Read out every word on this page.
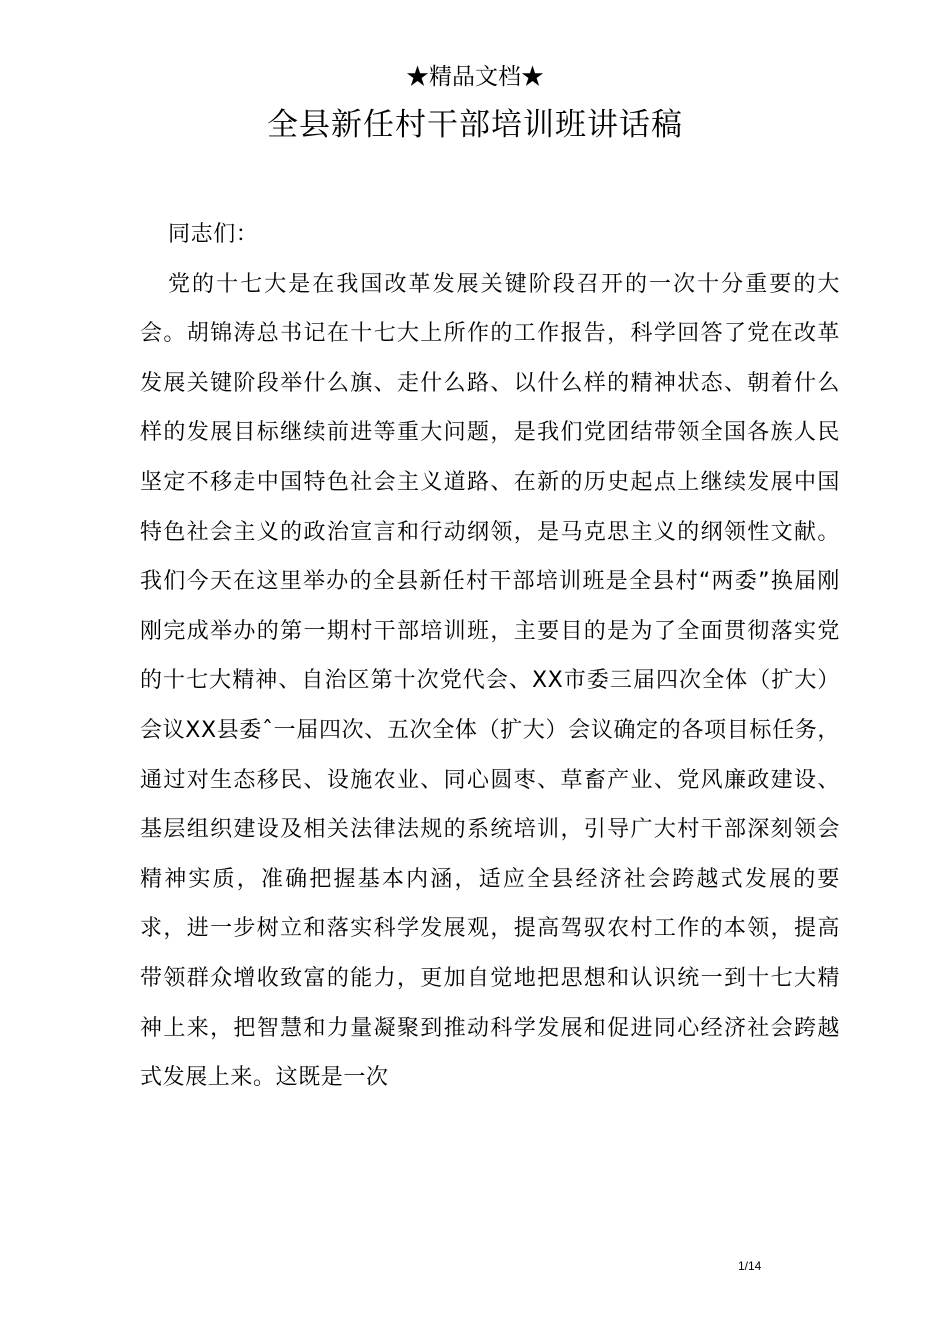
★精品文档★
全县新任村干部培训班讲话稿

同志们：

党的十七大是在我国改革发展关键阶段召开的一次十分重要的大会。胡锦涛总书记在十七大上所作的工作报告，科学回答了党在改革发展关键阶段举什么旗、走什么路、以什么样的精神状态、朝着什么样的发展目标继续前进等重大问题，是我们党团结带领全国各族人民坚定不移走中国特色社会主义道路、在新的历史起点上继续发展中国特色社会主义的政治宣言和行动纲领，是马克思主义的纲领性文献。我们今天在这里举办的全县新任村干部培训班是全县村“两委”换届刚刚完成举办的第一期村干部培训班，主要目的是为了全面贯彻落实党的十七大精神、自治区第十次党代会、XX市委三届四次全体（扩大）会议XX县委ˆ一届四次、五次全体（扩大）会议确定的各项目标任务，通过对生态移民、设施农业、同心圆枣、草畜产业、党风廉政建设、基层组织建设及相关法律法规的系统培训，引导广大村干部深刻领会精神实质，准确把握基本内涵，适应全县经济社会跨越式发展的要求，进一步树立和落实科学发展观，提高驾驭农村工作的本领，提高带领群众增收致富的能力，更加自觉地把思想和认识统一到十七大精神上来，把智慧和力量凝聚到推动科学发展和促进同心经济社会跨越式发展上来。这既是一次

1/14
